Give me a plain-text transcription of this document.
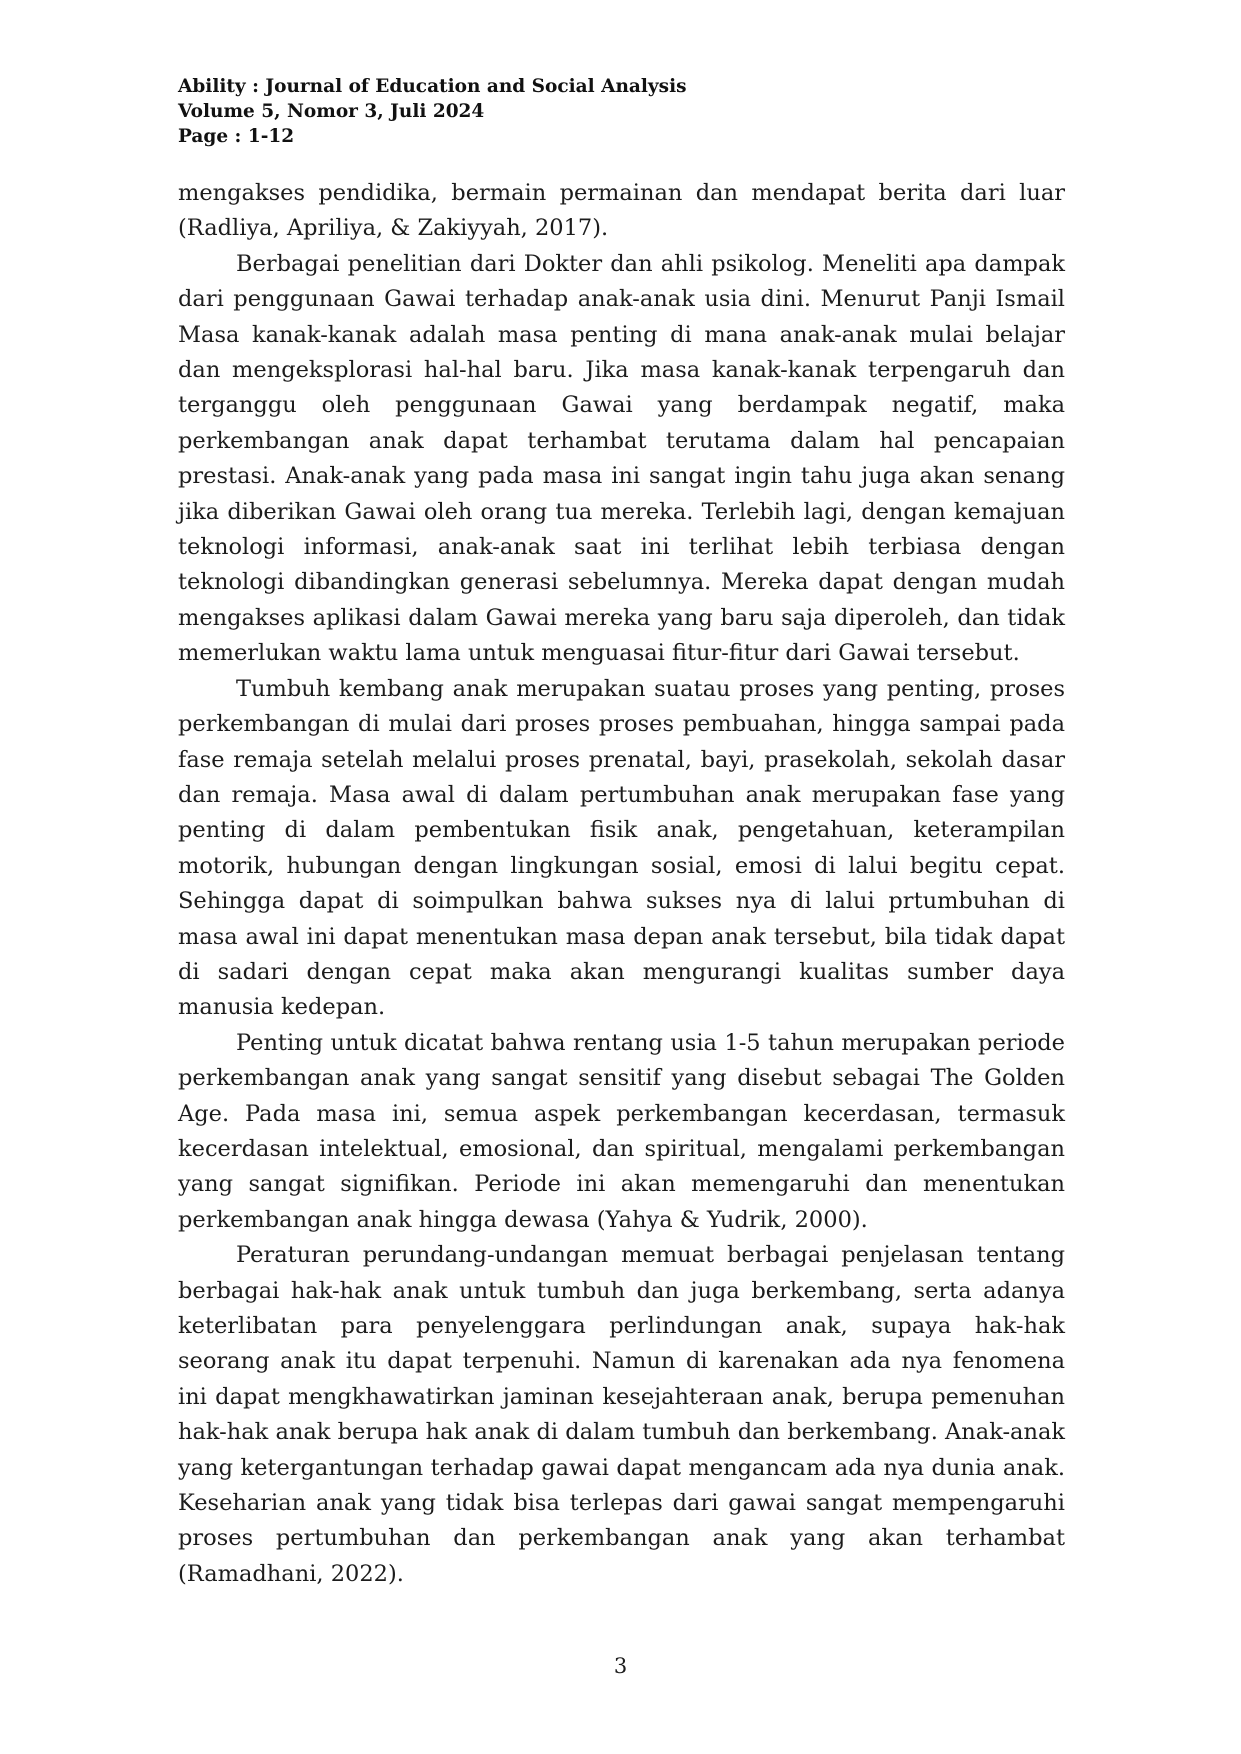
Ability : Journal of Education and Social Analysis
Volume 5, Nomor 3, Juli 2024
Page : 1-12

mengakses pendidika, bermain permainan dan mendapat berita dari luar (Radliya, Apriliya, & Zakiyyah, 2017).

Berbagai penelitian dari Dokter dan ahli psikolog. Meneliti apa dampak dari penggunaan Gawai terhadap anak-anak usia dini. Menurut Panji Ismail Masa kanak-kanak adalah masa penting di mana anak-anak mulai belajar dan mengeksplorasi hal-hal baru. Jika masa kanak-kanak terpengaruh dan terganggu oleh penggunaan Gawai yang berdampak negatif, maka perkembangan anak dapat terhambat terutama dalam hal pencapaian prestasi. Anak-anak yang pada masa ini sangat ingin tahu juga akan senang jika diberikan Gawai oleh orang tua mereka. Terlebih lagi, dengan kemajuan teknologi informasi, anak-anak saat ini terlihat lebih terbiasa dengan teknologi dibandingkan generasi sebelumnya. Mereka dapat dengan mudah mengakses aplikasi dalam Gawai mereka yang baru saja diperoleh, dan tidak memerlukan waktu lama untuk menguasai fitur-fitur dari Gawai tersebut.

Tumbuh kembang anak merupakan suatau proses yang penting, proses perkembangan di mulai dari proses proses pembuahan, hingga sampai pada fase remaja setelah melalui proses prenatal, bayi, prasekolah, sekolah dasar dan remaja. Masa awal di dalam pertumbuhan anak merupakan fase yang penting di dalam pembentukan fisik anak, pengetahuan, keterampilan motorik, hubungan dengan lingkungan sosial, emosi di lalui begitu cepat. Sehingga dapat di soimpulkan bahwa sukses nya di lalui prtumbuhan di masa awal ini dapat menentukan masa depan anak tersebut, bila tidak dapat di sadari dengan cepat maka akan mengurangi kualitas sumber daya manusia kedepan.

Penting untuk dicatat bahwa rentang usia 1-5 tahun merupakan periode perkembangan anak yang sangat sensitif yang disebut sebagai The Golden Age. Pada masa ini, semua aspek perkembangan kecerdasan, termasuk kecerdasan intelektual, emosional, dan spiritual, mengalami perkembangan yang sangat signifikan. Periode ini akan memengaruhi dan menentukan perkembangan anak hingga dewasa (Yahya & Yudrik, 2000).

Peraturan perundang-undangan memuat berbagai penjelasan tentang berbagai hak-hak anak untuk tumbuh dan juga berkembang, serta adanya keterlibatan para penyelenggara perlindungan anak, supaya hak-hak seorang anak itu dapat terpenuhi. Namun di karenakan ada nya fenomena ini dapat mengkhawatirkan jaminan kesejahteraan anak, berupa pemenuhan hak-hak anak berupa hak anak di dalam tumbuh dan berkembang. Anak-anak yang ketergantungan terhadap gawai dapat mengancam ada nya dunia anak. Keseharian anak yang tidak bisa terlepas dari gawai sangat mempengaruhi proses pertumbuhan dan perkembangan anak yang akan terhambat (Ramadhani, 2022).

3
